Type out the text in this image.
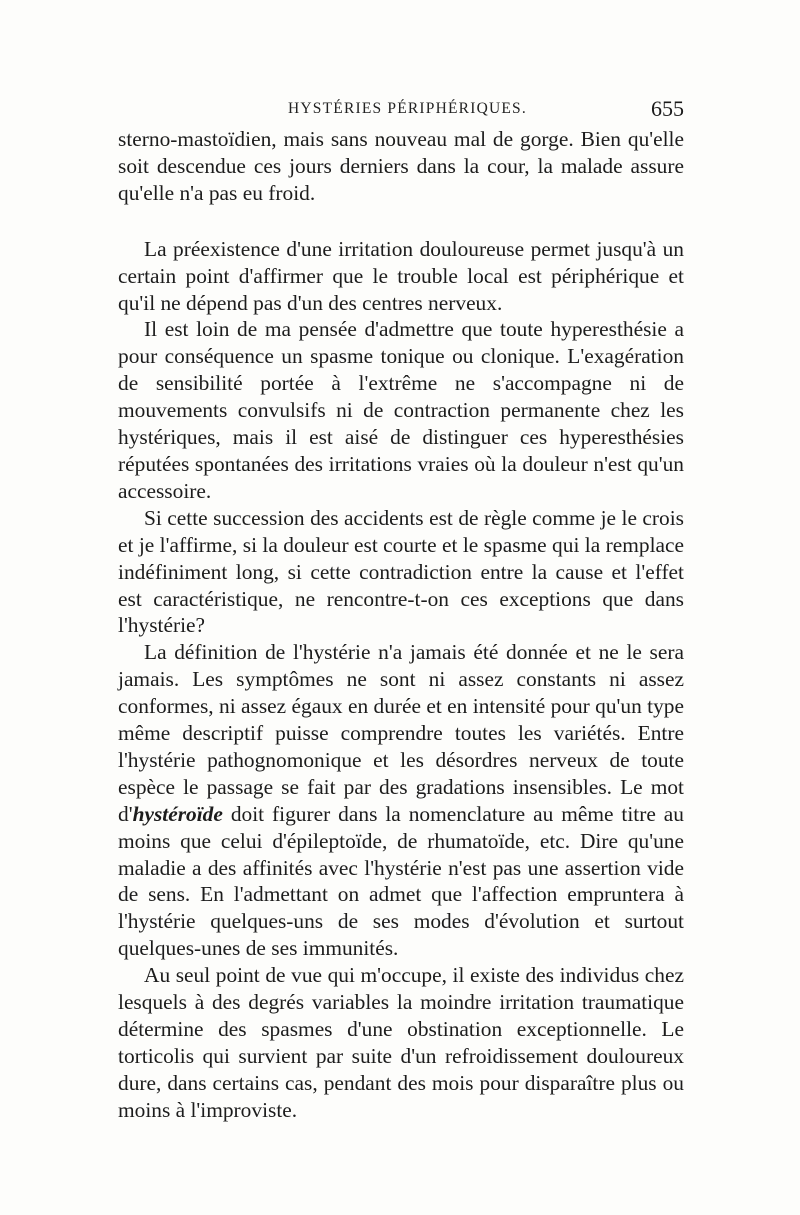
HYSTÉRIES PÉRIPHÉRIQUES.	655

sterno-mastoïdien, mais sans nouveau mal de gorge. Bien qu'elle soit descendue ces jours derniers dans la cour, la malade assure qu'elle n'a pas eu froid.

La préexistence d'une irritation douloureuse permet jusqu'à un certain point d'affirmer que le trouble local est périphérique et qu'il ne dépend pas d'un des centres nerveux.

Il est loin de ma pensée d'admettre que toute hyperesthésie a pour conséquence un spasme tonique ou clonique. L'exagération de sensibilité portée à l'extrême ne s'accompagne ni de mouvements convulsifs ni de contraction permanente chez les hystériques, mais il est aisé de distinguer ces hyperesthésies réputées spontanées des irritations vraies où la douleur n'est qu'un accessoire.

Si cette succession des accidents est de règle comme je le crois et je l'affirme, si la douleur est courte et le spasme qui la remplace indéfiniment long, si cette contradiction entre la cause et l'effet est caractéristique, ne rencontre-t-on ces exceptions que dans l'hystérie?

La définition de l'hystérie n'a jamais été donnée et ne le sera jamais. Les symptômes ne sont ni assez constants ni assez conformes, ni assez égaux en durée et en intensité pour qu'un type même descriptif puisse comprendre toutes les variétés. Entre l'hystérie pathognomonique et les désordres nerveux de toute espèce le passage se fait par des gradations insensibles. Le mot d'hystéroïde doit figurer dans la nomenclature au même titre au moins que celui d'épileptoïde, de rhumatoïde, etc. Dire qu'une maladie a des affinités avec l'hystérie n'est pas une assertion vide de sens. En l'admettant on admet que l'affection empruntera à l'hystérie quelques-uns de ses modes d'évolution et surtout quelques-unes de ses immunités.

Au seul point de vue qui m'occupe, il existe des individus chez lesquels à des degrés variables la moindre irritation traumatique détermine des spasmes d'une obstination exceptionnelle. Le torticolis qui survient par suite d'un refroidissement douloureux dure, dans certains cas, pendant des mois pour disparaître plus ou moins à l'improviste.
